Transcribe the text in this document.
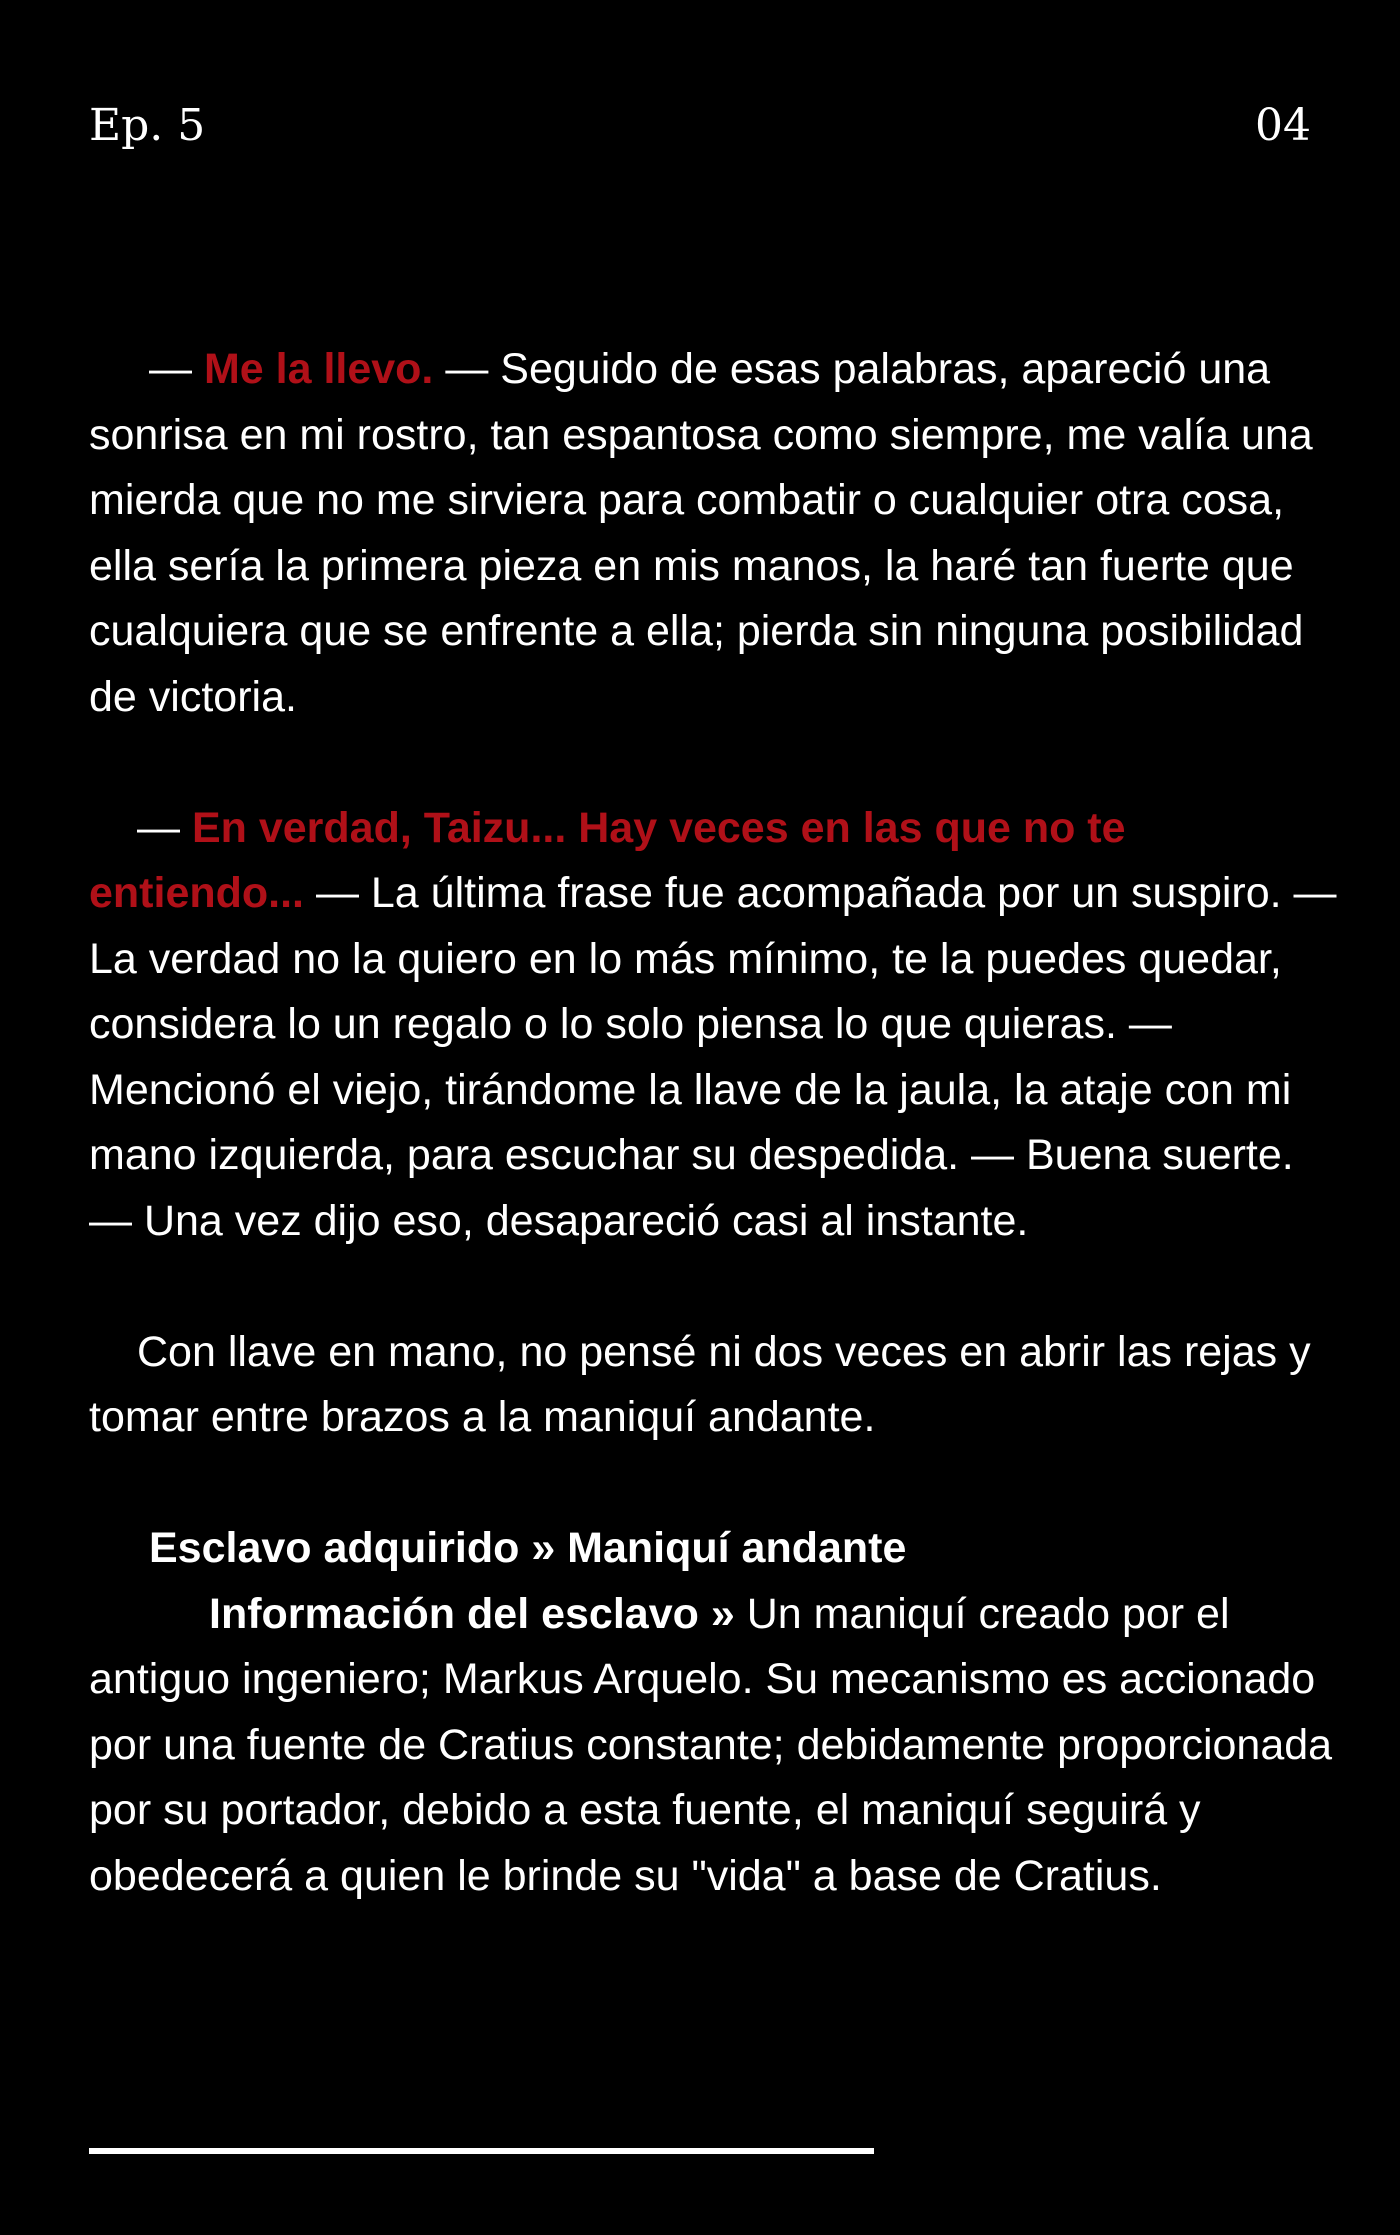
Ep. 5	04

— Me la llevo. — Seguido de esas palabras, apareció una sonrisa en mi rostro, tan espantosa como siempre, me valía una mierda que no me sirviera para combatir o cualquier otra cosa, ella sería la primera pieza en mis manos, la haré tan fuerte que cualquiera que se enfrente a ella; pierda sin ninguna posibilidad de victoria.

— En verdad, Taizu... Hay veces en las que no te entiendo... — La última frase fue acompañada por un suspiro. — La verdad no la quiero en lo más mínimo, te la puedes quedar, considera lo un regalo o lo solo piensa lo que quieras. — Mencionó el viejo, tirándome la llave de la jaula, la ataje con mi mano izquierda, para escuchar su despedida. — Buena suerte. — Una vez dijo eso, desapareció casi al instante.

Con llave en mano, no pensé ni dos veces en abrir las rejas y tomar entre brazos a la maniquí andante.

Esclavo adquirido » Maniquí andante

Información del esclavo » Un maniquí creado por el antiguo ingeniero; Markus Arquelo. Su mecanismo es accionado por una fuente de Cratius constante; debidamente proporcionada por su portador, debido a esta fuente, el maniquí seguirá y obedecerá a quien le brinde su "vida" a base de Cratius.
